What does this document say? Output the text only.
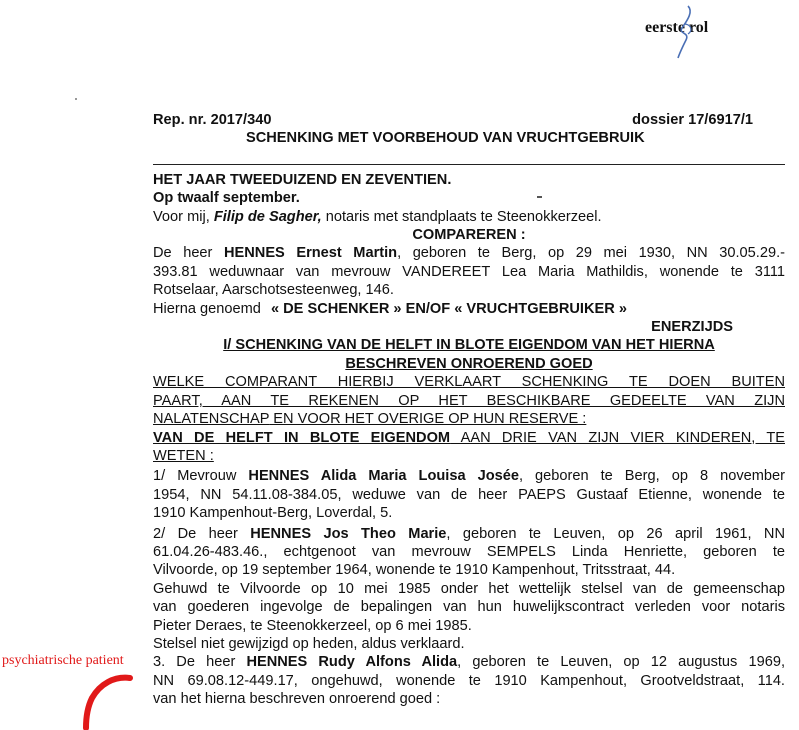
eerste rol
psychiatrische patient
Rep. nr. 2017/340	dossier 17/6917/1
SCHENKING MET VOORBEHOUD VAN VRUCHTGEBRUIK
HET JAAR TWEEDUIZEND EN ZEVENTIEN.
Op twaalf september.
Voor mij, Filip de Sagher, notaris met standplaats te Steenokkerzeel.
COMPAREREN :
De heer HENNES Ernest Martin, geboren te Berg, op 29 mei 1930, NN 30.05.29.-
393.81 weduwnaar van mevrouw VANDEREET Lea Maria Mathildis, wonende te 3111
Rotselaar, Aarschotsesteenweg, 146.
Hierna genoemd « DE SCHENKER » EN/OF « VRUCHTGEBRUIKER »
ENERZIJDS
I/ SCHENKING VAN DE HELFT IN BLOTE EIGENDOM VAN HET HIERNA
BESCHREVEN ONROEREND GOED
WELKE COMPARANT HIERBIJ VERKLAART SCHENKING TE DOEN BUITEN
PAART, AAN TE REKENEN OP HET BESCHIKBARE GEDEELTE VAN ZIJN
NALATENSCHAP EN VOOR HET OVERIGE OP HUN RESERVE :
VAN DE HELFT IN BLOTE EIGENDOM AAN DRIE VAN ZIJN VIER KINDEREN, TE
WETEN :
1/ Mevrouw HENNES Alida Maria Louisa Josée, geboren te Berg, op 8 november
1954, NN 54.11.08-384.05, weduwe van de heer PAEPS Gustaaf Etienne, wonende te
1910 Kampenhout-Berg, Loverdal, 5.
2/ De heer HENNES Jos Theo Marie, geboren te Leuven, op 26 april 1961, NN
61.04.26-483.46., echtgenoot van mevrouw SEMPELS Linda Henriette, geboren te
Vilvoorde, op 19 september 1964, wonende te 1910 Kampenhout, Tritsstraat, 44.
Gehuwd te Vilvoorde op 10 mei 1985 onder het wettelijk stelsel van de gemeenschap
van goederen ingevolge de bepalingen van hun huwelijkscontract verleden voor notaris
Pieter Deraes, te Steenokkerzeel, op 6 mei 1985.
Stelsel niet gewijzigd op heden, aldus verklaard.
3. De heer HENNES Rudy Alfons Alida, geboren te Leuven, op 12 augustus 1969,
NN 69.08.12-449.17, ongehuwd, wonende te 1910 Kampenhout, Grootveldstraat, 114.
van het hierna beschreven onroerend goed :
